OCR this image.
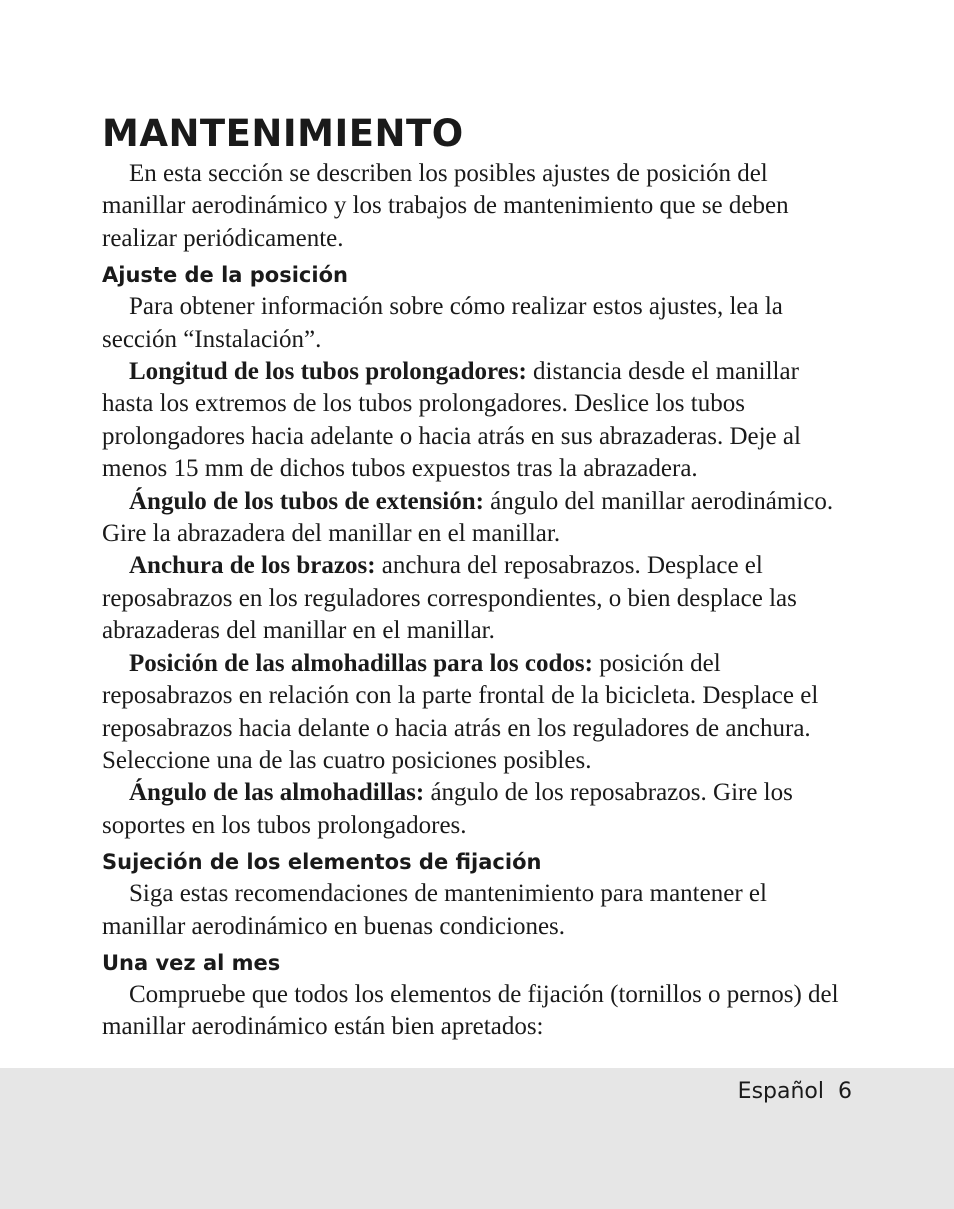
MANTENIMIENTO

En esta sección se describen los posibles ajustes de posición del manillar aerodinámico y los trabajos de mantenimiento que se deben realizar periódicamente.

Ajuste de la posición

Para obtener información sobre cómo realizar estos ajustes, lea la sección “Instalación”.

Longitud de los tubos prolongadores: distancia desde el manillar hasta los extremos de los tubos prolongadores. Deslice los tubos prolongadores hacia adelante o hacia atrás en sus abrazaderas. Deje al menos 15 mm de dichos tubos expuestos tras la abrazadera.

Ángulo de los tubos de extensión: ángulo del manillar aerodinámico. Gire la abrazadera del manillar en el manillar.

Anchura de los brazos: anchura del reposabrazos. Desplace el reposabrazos en los reguladores correspondientes, o bien desplace las abrazaderas del manillar en el manillar.

Posición de las almohadillas para los codos: posición del reposabrazos en relación con la parte frontal de la bicicleta. Desplace el reposabrazos hacia delante o hacia atrás en los reguladores de anchura. Seleccione una de las cuatro posiciones posibles.

Ángulo de las almohadillas: ángulo de los reposabrazos. Gire los soportes en los tubos prolongadores.

Sujeción de los elementos de fijación

Siga estas recomendaciones de mantenimiento para mantener el manillar aerodinámico en buenas condiciones.

Una vez al mes

Compruebe que todos los elementos de fijación (tornillos o pernos) del manillar aerodinámico están bien apretados:

Español 6
